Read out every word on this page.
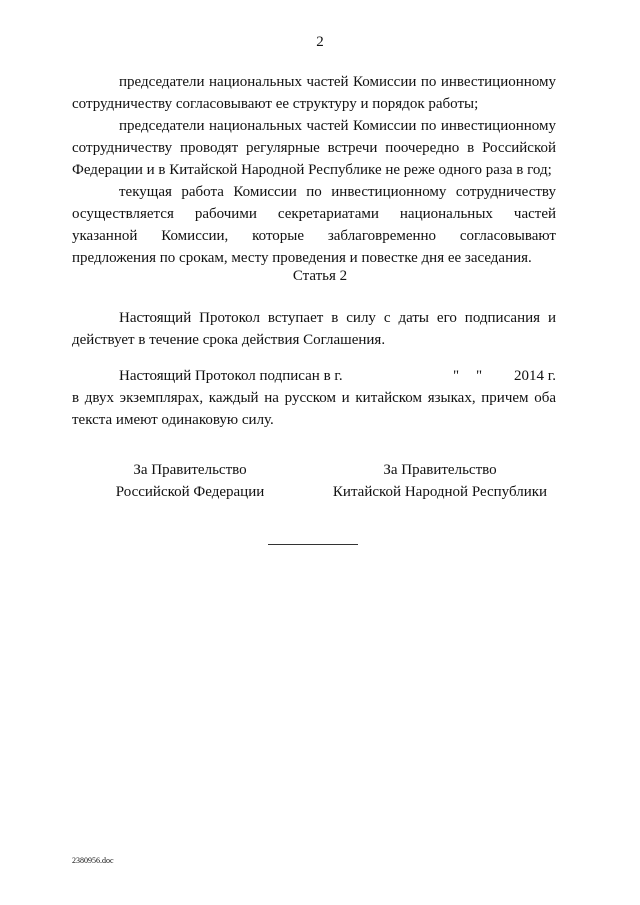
2

председатели национальных частей Комиссии по инвестиционному сотрудничеству согласовывают ее структуру и порядок работы;

председатели национальных частей Комиссии по инвестиционному сотрудничеству проводят регулярные встречи поочередно в Российской Федерации и в Китайской Народной Республике не реже одного раза в год;

текущая работа Комиссии по инвестиционному сотрудничеству осуществляется рабочими секретариатами национальных частей указанной Комиссии, которые заблаговременно согласовывают предложения по срокам, месту проведения и повестке дня ее заседания.

Статья 2

Настоящий Протокол вступает в силу с даты его подписания и действует в течение срока действия Соглашения.

Настоящий Протокол подписан в г.	"	"	2014 г.

в двух экземплярах, каждый на русском и китайском языках, причем оба текста имеют одинаковую силу.

За Правительство
Российской Федерации
За Правительство
Китайской Народной Республики
2380956.doc
